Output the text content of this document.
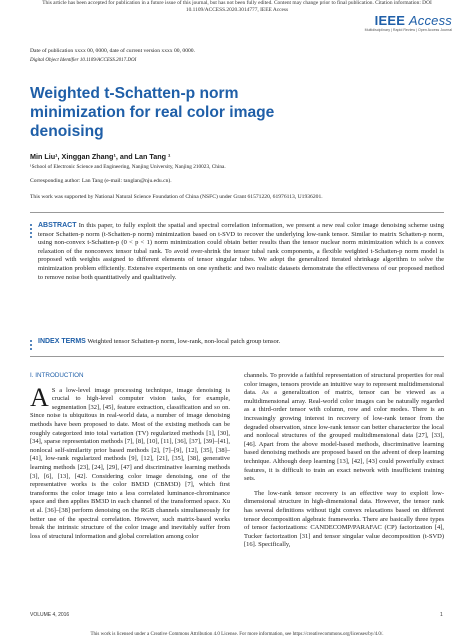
This article has been accepted for publication in a future issue of this journal, but has not been fully edited. Content may change prior to final publication. Citation information: DOI
10.1109/ACCESS.2020.3014777, IEEE Access
IEEE Access
Multidisciplinary | Rapid Review | Open Access Journal
Date of publication xxxx 00, 0000, date of current version xxxx 00, 0000.
Digital Object Identifier 10.1109/ACCESS.2017.DOI
Weighted t-Schatten-p norm minimization for real color image denoising
Min Liu¹, Xinggan Zhang¹, and Lan Tang ¹
¹School of Electronic Science and Engineering, Nanjing University, Nanjing 210023, China.
Corresponding author: Lan Tang (e-mail: tanglan@nju.edu.cn).
This work was supported by National Natural Science Foundation of China (NSFC) under Grant 61571220, 61976113, U1936201.

ABSTRACT In this paper, to fully exploit the spatial and spectral correlation information, we present a new real color image denoising scheme using tensor Schatten-p norm (t-Schatten-p norm) minimization based on t-SVD to recover the underlying low-rank tensor. Similar to matrix Schatten-p norm, using non-convex t-Schatten-p (0 < p < 1) norm minimization could obtain better results than the tensor nuclear norm minimization which is a convex relaxation of the nonconvex tensor tubal rank. To avoid over-shrink the tensor tubal rank components, a flexible weighted t-Schatten-p norm model is proposed with weights assigned to different elements of tensor singular tubes. We adopt the generalized iterated shrinkage algorithm to solve the minimization problem efficiently. Extensive experiments on one synthetic and two realistic datasets demonstrate the effectiveness of our proposed method to remove noise both quantitatively and qualitatively.

INDEX TERMS Weighted tensor Schatten-p norm, low-rank, non-local patch group tensor.
I. INTRODUCTION

A S a low-level image processing technique, image denoising is crucial to high-level computer vision tasks, for example, segmentation [32], [45], feature extraction, classification and so on. Since noise is ubiquitous in real-world data, a number of image denoising methods have been proposed to date. Most of the existing methods can be roughly categorized into total variation (TV) regularized methods [1], [30], [34], sparse representation methods [7], [8], [10], [11], [36], [37], [39]–[41], nonlocal self-similarity prior based methods [2], [7]–[9], [12], [35], [38]–[41], low-rank regularized methods [9], [12], [21], [35], [38], generative learning methods [23], [24], [29], [47] and discriminative learning methods [3], [6], [13], [42]. Considering color image denoising, one of the representative works is the color BM3D (CBM3D) [7], which first transforms the color image into a less correlated luminance-chrominance space and then applies BM3D in each channel of the transformed space. Xu et al. [36]–[38] perform denoising on the RGB channels simultaneously for better use of the spectral correlation. However, such matrix-based works break the intrinsic structure of the color image and inevitably suffer from loss of structural information and global correlation among color

channels. To provide a faithful representation of structural properties for real color images, tensors provide an intuitive way to represent multidimensional data. As a generalization of matrix, tensor can be viewed as a multidimensional array. Real-world color images can be naturally regarded as a third-order tensor with column, row and color modes. There is an increasingly growing interest in recovery of low-rank tensor from the degraded observation, since low-rank tensor can better characterize the local and nonlocal structures of the grouped multidimensional data [27], [33], [46]. Apart from the above model-based methods, discriminative learning based denoising methods are proposed based on the advent of deep learning technique. Although deep learning [13], [42], [43] could powerfully extract features, it is difficult to train an exact network with insufficient training sets.

The low-rank tensor recovery is an effective way to exploit low-dimensional structure in high-dimensional data. However, the tensor rank has several definitions without tight convex relaxations based on different tensor decomposition algebraic frameworks. There are basically three types of tensor factorizations: CANDECOMP/PARAFAC (CP) factorization [4], Tucker factorization [31] and tensor singular value decomposition (t-SVD) [16]. Specifically,

VOLUME 4, 2016	1
This work is licensed under a Creative Commons Attribution 4.0 License. For more information, see https://creativecommons.org/licenses/by/4.0/.
